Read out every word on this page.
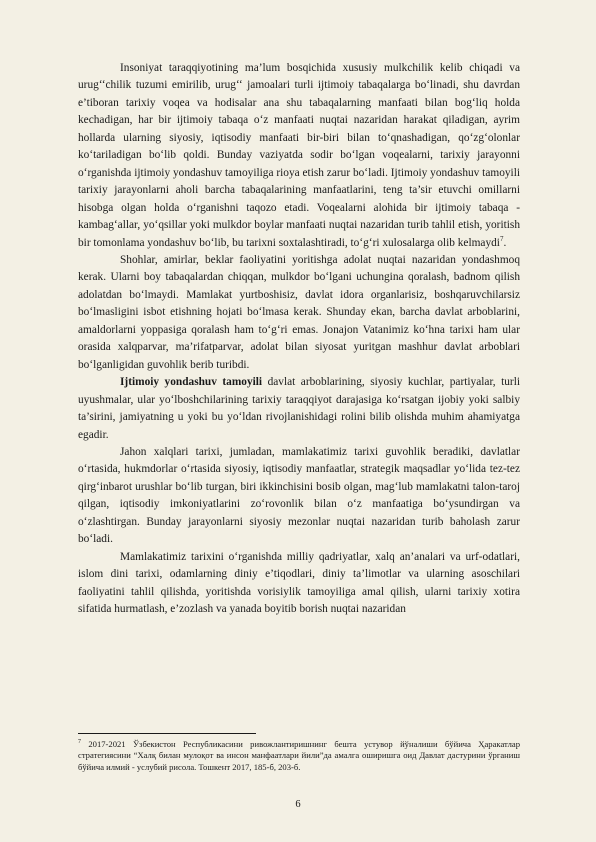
Insoniyat taraqqiyotining ma’lum bosqichida xususiy mulkchilik kelib chiqadi va urug‘‘chilik tuzumi emirilib, urug‘‘ jamoalari turli ijtimoiy tabaqalarga bo‘linadi, shu davrdan e’tiboran tarixiy voqea va hodisalar ana shu tabaqalarning manfaati bilan bog‘liq holda kechadigan, har bir ijtimoiy tabaqa o‘z manfaati nuqtai nazaridan harakat qiladigan, ayrim hollarda ularning siyosiy, iqtisodiy manfaati bir-biri bilan to‘qnashadigan, qo‘zg‘olonlar ko‘tariladigan bo‘lib qoldi. Bunday vaziyatda sodir bo‘lgan voqealarni, tarixiy jarayonni o‘rganishda ijtimoiy yondashuv tamoyiliga rioya etish zarur bo‘ladi. Ijtimoiy yondashuv tamoyili tarixiy jarayonlarni aholi barcha tabaqalarining manfaatlarini, teng ta’sir etuvchi omillarni hisobga olgan holda o‘rganishni taqozo etadi. Voqealarni alohida bir ijtimoiy tabaqa - kambag‘allar, yo‘qsillar yoki mulkdor boylar manfaati nuqtai nazaridan turib tahlil etish, yoritish bir tomonlama yondashuv bo‘lib, bu tarixni soxtalashtiradi, to‘g‘ri xulosalarga olib kelmaydi$^7$.

Shohlar, amirlar, beklar faoliyatini yoritishga adolat nuqtai nazaridan yondashmoq kerak. Ularni boy tabaqalardan chiqqan, mulkdor bo‘lgani uchungina qoralash, badnom qilish adolatdan bo‘lmaydi. Mamlakat yurtboshisiz, davlat idora organlarisiz, boshqaruvchilarsiz bo‘lmasligini isbot etishning hojati bo‘lmasa kerak. Shunday ekan, barcha davlat arboblarini, amaldorlarni yoppasiga qoralash ham to‘g‘ri emas. Jonajon Vatanimiz ko‘hna tarixi ham ular orasida xalqparvar, ma’rifatparvar, adolat bilan siyosat yuritgan mashhur davlat arboblari bo‘lganligidan guvohlik berib turibdi.

Ijtimoiy yondashuv tamoyili davlat arboblarining, siyosiy kuchlar, partiyalar, turli uyushmalar, ular yo‘lboshchilarining tarixiy taraqqiyot darajasiga ko‘rsatgan ijobiy yoki salbiy ta’sirini, jamiyatning u yoki bu yo‘ldan rivojlanishidagi rolini bilib olishda muhim ahamiyatga egadir.

Jahon xalqlari tarixi, jumladan, mamlakatimiz tarixi guvohlik beradiki, davlatlar o‘rtasida, hukmdorlar o‘rtasida siyosiy, iqtisodiy manfaatlar, strategik maqsadlar yo‘lida tez-tez qirg‘inbarot urushlar bo‘lib turgan, biri ikkinchisini bosib olgan, mag‘lub mamlakatni talon-taroj qilgan, iqtisodiy imkoniyatlarini zo‘rovonlik bilan o‘z manfaatiga bo‘ysundirgan va o‘zlashtirgan. Bunday jarayonlarni siyosiy mezonlar nuqtai nazaridan turib baholash zarur bo‘ladi.

Mamlakatimiz tarixini o‘rganishda milliy qadriyatlar, xalq an’analari va urf-odatlari, islom dini tarixi, odamlarning diniy e’tiqodlari, diniy ta’limotlar va ularning asoschilari faoliyatini tahlil qilishda, yoritishda vorisiylik tamoyiliga amal qilish, ularni tarixiy xotira sifatida hurmatlash, e’zozlash va yanada boyitib borish nuqtai nazaridan

$^7$ 2017-2021 Ўзбекистон Республикасини ривожлантиришнинг бешта устувор йўналиши бўйича Ҳаракатлар стратегиясини “Халқ билан мулоқот ва инсон манфаатлари йили”да амалга оширишга оид Давлат дастурини ўрганиш бўйича илмий - услубий рисола. Тошкент 2017, 185-б, 203-б.

6
